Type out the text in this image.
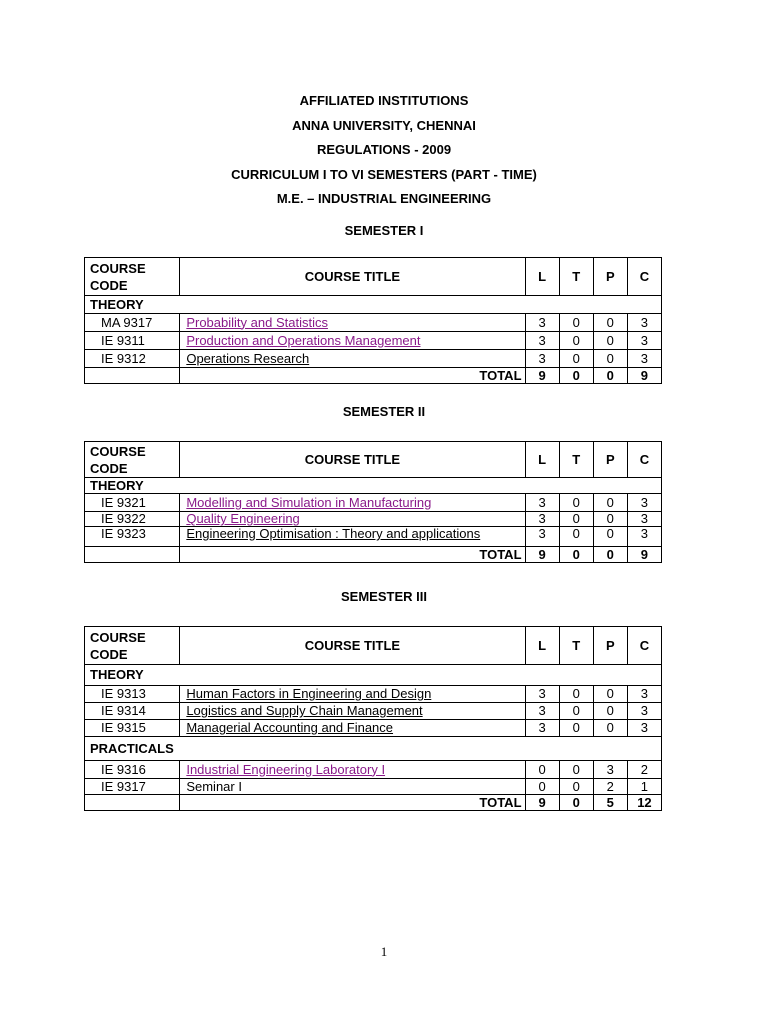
AFFILIATED INSTITUTIONS
ANNA UNIVERSITY, CHENNAI
REGULATIONS - 2009
CURRICULUM I TO VI SEMESTERS (PART - TIME)
M.E. – INDUSTRIAL ENGINEERING
SEMESTER I
COURSE CODE	COURSE TITLE	L	T	P	C
THEORY					
MA 9317	Probability and Statistics	3	0	0	3
IE 9311	Production and Operations Management	3	0	0	3
IE 9312	Operations Research	3	0	0	3
	TOTAL	9	0	0	9
SEMESTER II
COURSE CODE	COURSE TITLE	L	T	P	C
THEORY					
IE 9321	Modelling and Simulation in Manufacturing	3	0	0	3
IE 9322	Quality Engineering	3	0	0	3
IE 9323	Engineering Optimisation : Theory and applications	3	0	0	3
	TOTAL	9	0	0	9
SEMESTER III
COURSE CODE	COURSE TITLE	L	T	P	C
THEORY					
IE 9313	Human Factors in Engineering and Design	3	0	0	3
IE 9314	Logistics and Supply Chain Management	3	0	0	3
IE 9315	Managerial Accounting and Finance	3	0	0	3
PRACTICALS					
IE 9316	Industrial Engineering Laboratory I	0	0	3	2
IE 9317	Seminar I	0	0	2	1
	TOTAL	9	0	5	12
1
